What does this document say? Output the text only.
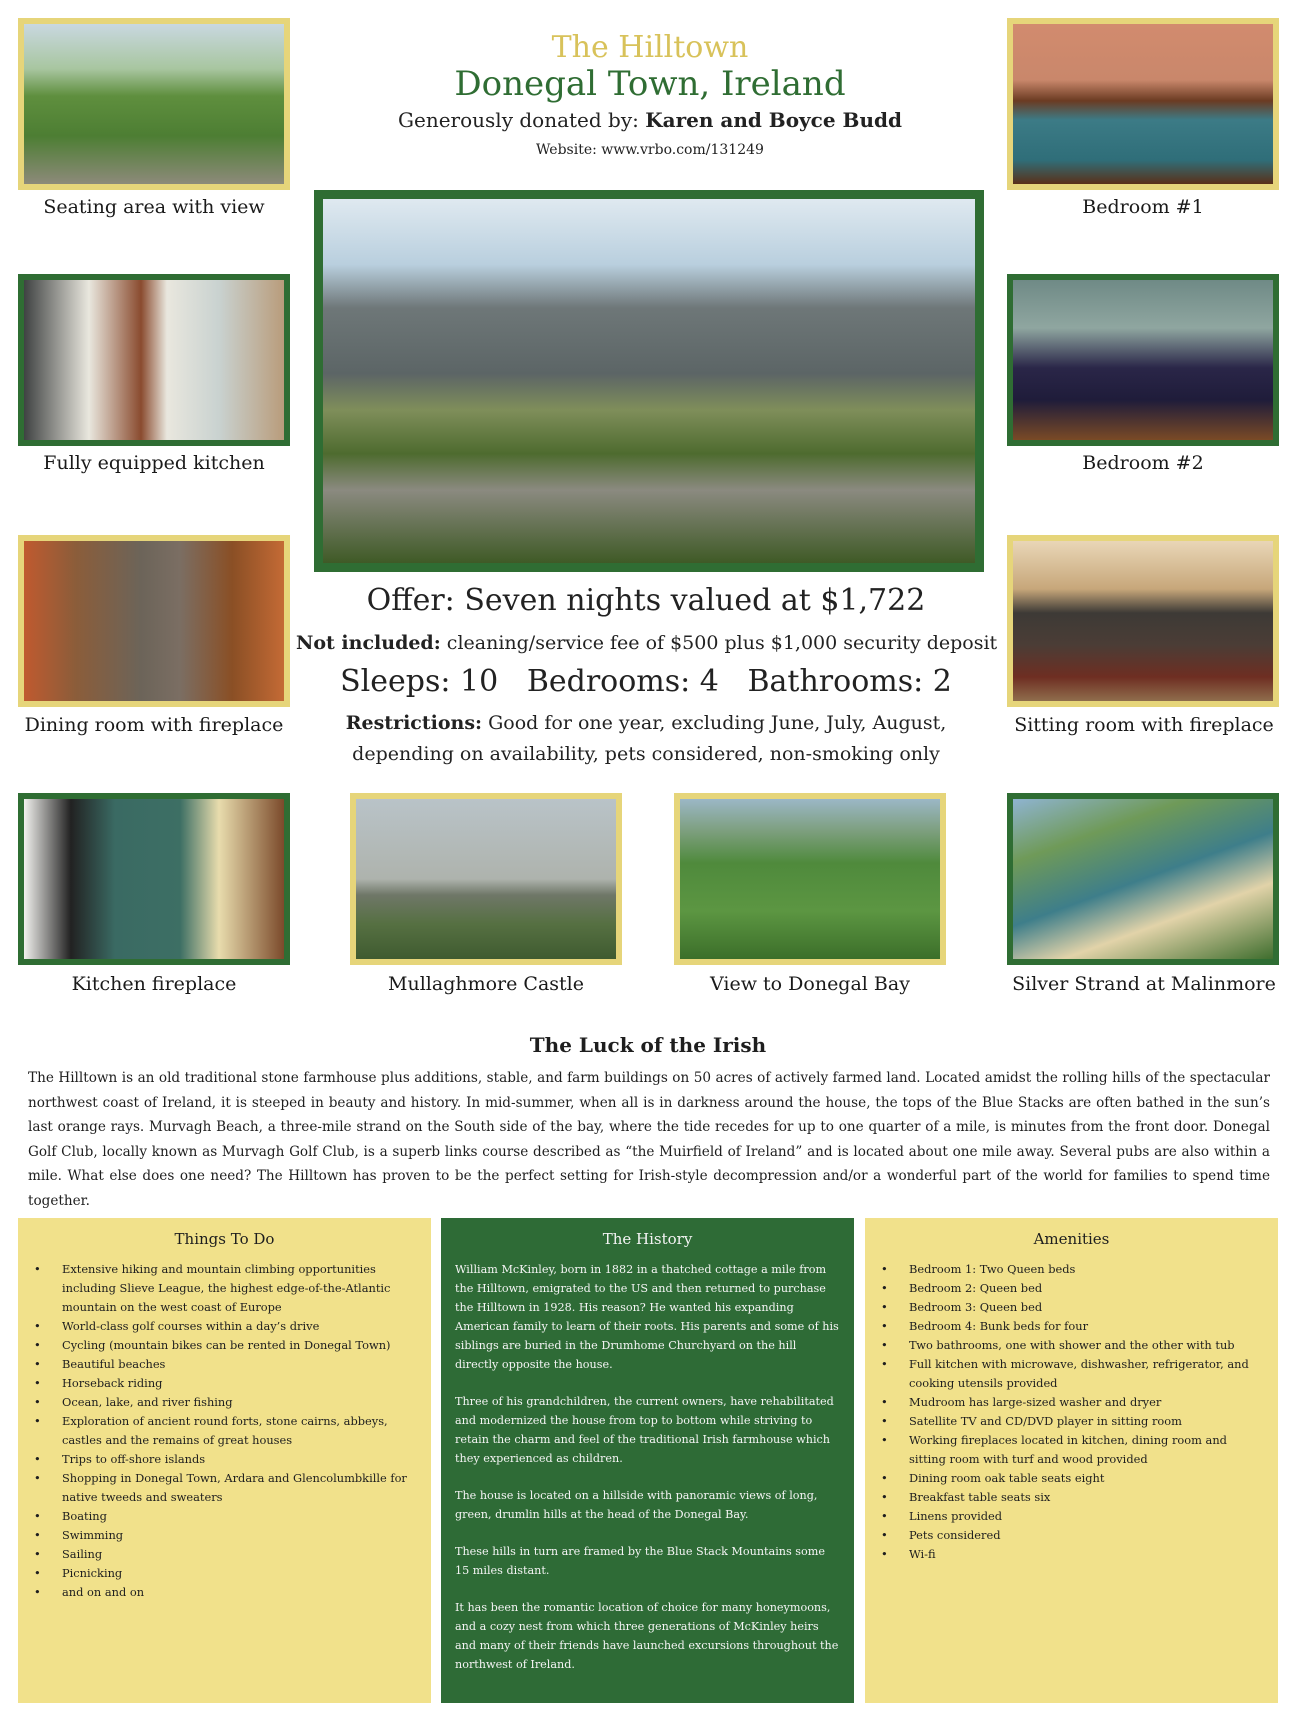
The Hilltown
Donegal Town, Ireland
Generously donated by: Karen and Boyce Budd
Website: www.vrbo.com/131249
Seating area with view
Fully equipped kitchen
Dining room with fireplace
Kitchen fireplace
Bedroom #1
Bedroom #2
Sitting room with fireplace
Silver Strand at Malinmore
Mullaghmore Castle	View to Donegal Bay
Offer: Seven nights valued at $1,722
Not included: cleaning/service fee of $500 plus $1,000 security deposit
Sleeps: 10 Bedrooms: 4 Bathrooms: 2
Restrictions: Good for one year, excluding June, July, August,
depending on availability, pets considered, non-smoking only
The Luck of the Irish
The Hilltown is an old traditional stone farmhouse plus additions, stable, and farm buildings on 50 acres of actively farmed land. Located amidst the rolling hills of the spectacular northwest coast of Ireland, it is steeped in beauty and history. In mid-summer, when all is in darkness around the house, the tops of the Blue Stacks are often bathed in the sun’s last orange rays. Murvagh Beach, a three-mile strand on the South side of the bay, where the tide recedes for up to one quarter of a mile, is minutes from the front door. Donegal Golf Club, locally known as Murvagh Golf Club, is a superb links course described as “the Muirfield of Ireland” and is located about one mile away. Several pubs are also within a mile. What else does one need? The Hilltown has proven to be the perfect setting for Irish-style decompression and/or a wonderful part of the world for families to spend time together.
Things To Do
• Extensive hiking and mountain climbing opportunities including Slieve League, the highest edge-of-the-Atlantic mountain on the west coast of Europe
• World-class golf courses within a day’s drive
• Cycling (mountain bikes can be rented in Donegal Town)
• Beautiful beaches
• Horseback riding
• Ocean, lake, and river fishing
• Exploration of ancient round forts, stone cairns, abbeys, castles and the remains of great houses
• Trips to off-shore islands
• Shopping in Donegal Town, Ardara and Glencolumbkille for native tweeds and sweaters
• Boating
• Swimming
• Sailing
• Picnicking
• and on and on
The History

William McKinley, born in 1882 in a thatched cottage a mile from the Hilltown, emigrated to the US and then returned to purchase the Hilltown in 1928. His reason? He wanted his expanding American family to learn of their roots. His parents and some of his siblings are buried in the Drumhome Churchyard on the hill directly opposite the house.

Three of his grandchildren, the current owners, have rehabilitated and modernized the house from top to bottom while striving to retain the charm and feel of the traditional Irish farmhouse which they experienced as children.

The house is located on a hillside with panoramic views of long, green, drumlin hills at the head of the Donegal Bay.

These hills in turn are framed by the Blue Stack Mountains some 15 miles distant.

It has been the romantic location of choice for many honeymoons, and a cozy nest from which three generations of McKinley heirs and many of their friends have launched excursions throughout the northwest of Ireland.

Amenities
• Bedroom 1: Two Queen beds
• Bedroom 2: Queen bed
• Bedroom 3: Queen bed
• Bedroom 4: Bunk beds for four
• Two bathrooms, one with shower and the other with tub
• Full kitchen with microwave, dishwasher, refrigerator, and cooking utensils provided
• Mudroom has large-sized washer and dryer
• Satellite TV and CD/DVD player in sitting room
• Working fireplaces located in kitchen, dining room and sitting room with turf and wood provided
• Dining room oak table seats eight
• Breakfast table seats six
• Linens provided
• Pets considered
• Wi-fi
